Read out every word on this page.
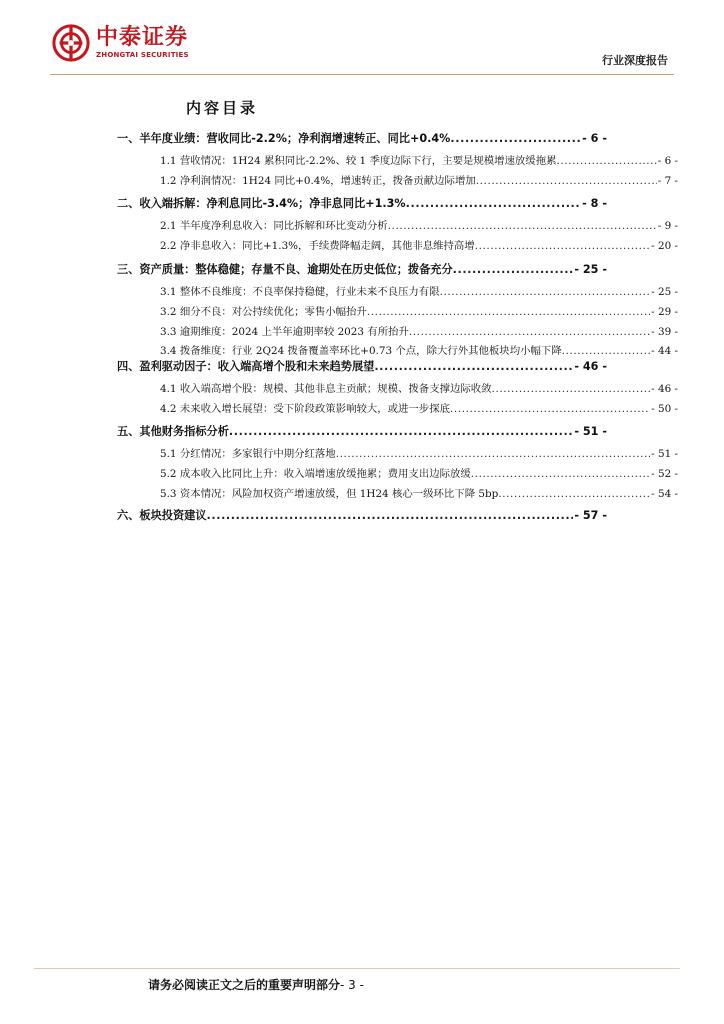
中泰证券
ZHONGTAI SECURITIES	行业深度报告
内容目录
一、半年度业绩：营收同比-2.2%；净利润增速转正、同比+0.4% .....	- 6 -
1.1 营收情况：1H24 累积同比-2.2%、较 1 季度边际下行，主要是规模增速放缓拖累 .....	- 6 -
1.2 净利润情况：1H24 同比+0.4%，增速转正，拨备贡献边际增加 .....	- 7 -
二、收入端拆解：净利息同比-3.4%；净非息同比+1.3% .....	- 8 -
2.1 半年度净利息收入：同比拆解和环比变动分析 .....	- 9 -
2.2 净非息收入：同比+1.3%，手续费降幅走阔，其他非息维持高增 .....	- 20 -
三、资产质量：整体稳健；存量不良、逾期处在历史低位；拨备充分 .....	- 25 -
3.1 整体不良维度：不良率保持稳健，行业未来不良压力有限 .....	- 25 -
3.2 细分不良：对公持续优化；零售小幅抬升 .....	- 29 -
3.3 逾期维度：2024 上半年逾期率较 2023 有所抬升 .....	- 39 -
3.4 拨备维度：行业 2Q24 拨备覆盖率环比+0.73 个点，除大行外其他板块均小幅下降 .....	- 44 -
四、盈利驱动因子：收入端高增个股和未来趋势展望 .....	- 46 -
4.1 收入端高增个股：规模、其他非息主贡献；规模、拨备支撑边际收敛 .....	- 46 -
4.2 未来收入增长展望：受下阶段政策影响较大，或进一步探底 .....	- 50 -
五、其他财务指标分析 .....	- 51 -
5.1 分红情况：多家银行中期分红落地 .....	- 51 -
5.2 成本收入比同比上升：收入端增速放缓拖累；费用支出边际放缓 .....	- 52 -
5.3 资本情况：风险加权资产增速放缓，但 1H24 核心一级环比下降 5bp .....	- 54 -
六、板块投资建议 .....	- 57 -
请务必阅读正文之后的重要声明部分- 3 -
